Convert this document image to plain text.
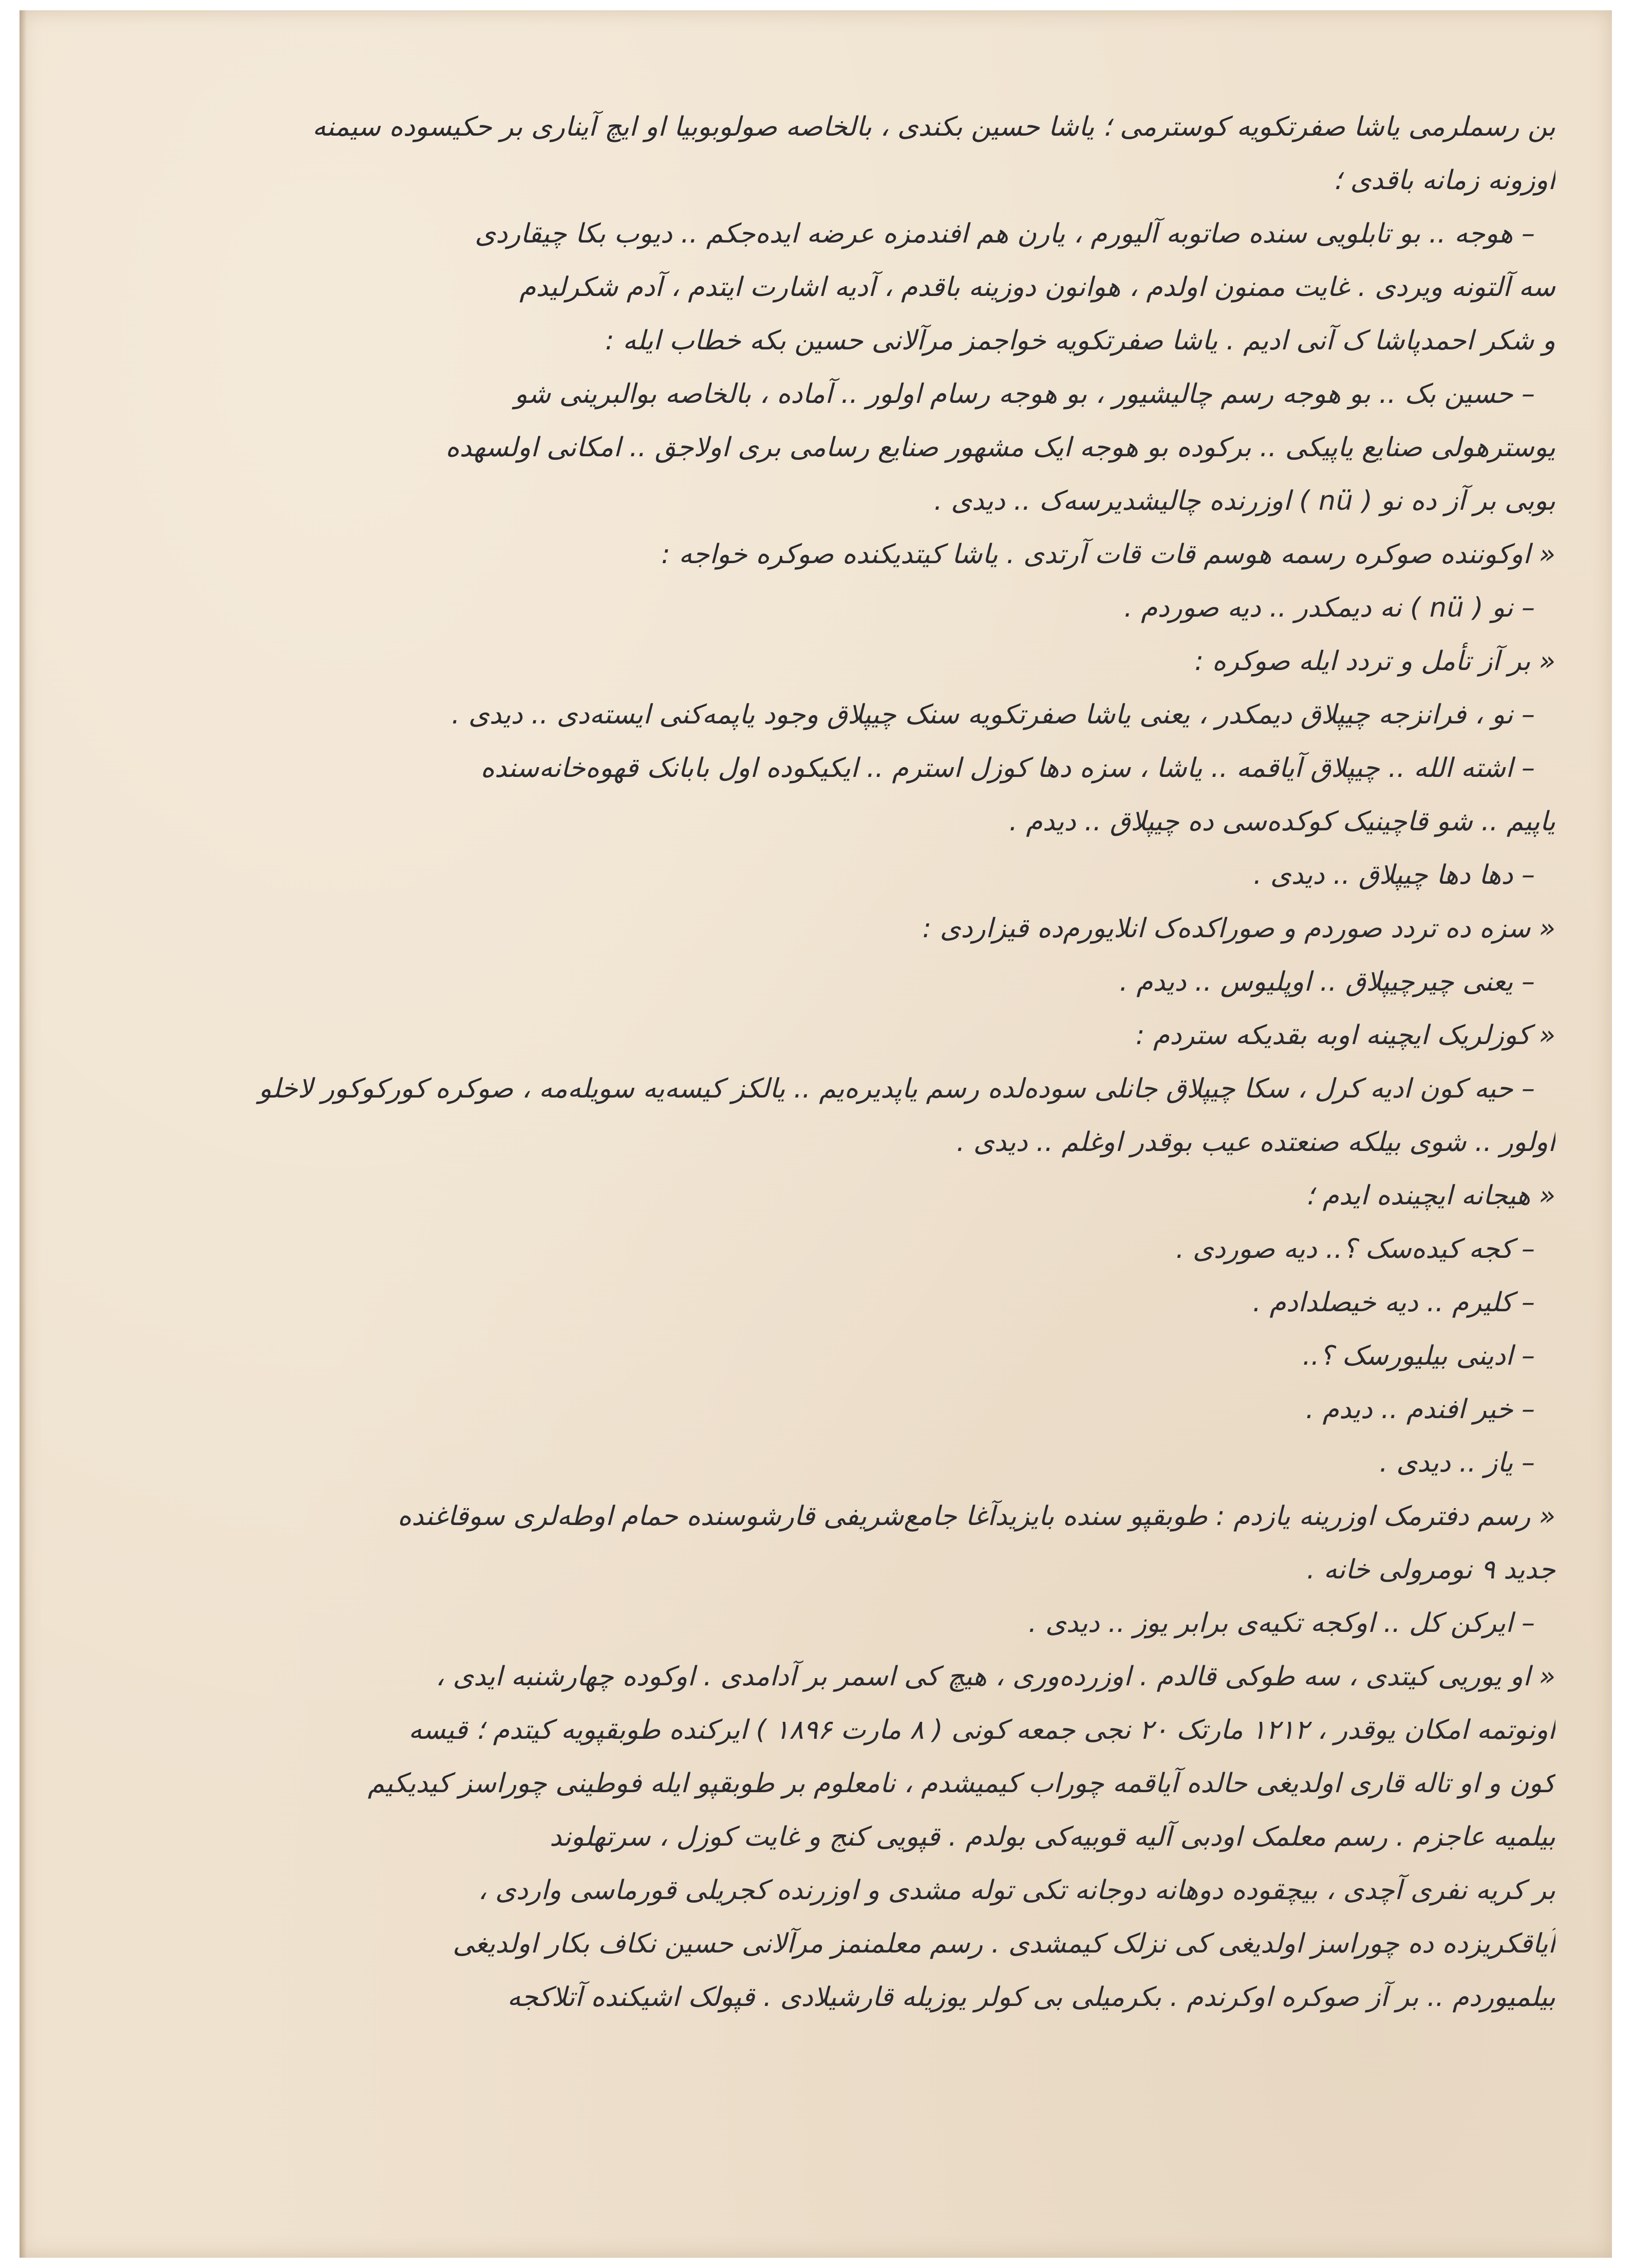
بن رسملرمی یاشا صفرتکویه کوسترمی ؛ یاشا حسین بکندی ، بالخاصه صولوبوبیا او ایچ آیناری بر حکیسوده سیمنه
اوزونه زمانه باقدی ؛
– هوجه .. بو تابلویی سنده صاتوبه آلیورم ، یارن هم افندمزه عرضه ایده‌جکم .. دیوب بکا چیقاردی
سه آلتونه ویردی . غایت ممنون اولدم ، هوانون دوزینه باقدم ، آدیه اشارت ایتدم ، آدم شکرلیدم
و شکر احمدپاشا ک آنی ادیم . یاشا صفرتکویه خواجمز مرآلانی حسین بکه خطاب ایله :
– حسین بک .. بو هوجه رسم چالیشیور ، بو هوجه رسام اولور .. آماده ، بالخاصه بوالبرینی شو
یوسترهولی صنایع یاپیکی .. برکوده بو هوجه ایک مشهور صنایع رسامی بری اولاجق .. امکانی اولسهده
بوبی بر آز ده نو ( nü ) اوزرنده چالیشدیرسه‌ک .. دیدی .
« اوکوننده صوکره رسمه هوسم قات قات آرتدی . یاشا کیتدیکنده صوکره خواجه :
– نو ( nü ) نه دیمکدر .. دیه صوردم .
« بر آز تأمل و تردد ایله صوکره :
– نو ، فرانزجه چیپلاق دیمکدر ، یعنی یاشا صفرتکویه سنک چیپلاق وجود یاپمه‌کنی ایسته‌دی .. دیدی .
– اشته الله .. چیپلاق آیاقمه .. یاشا ، سزه دها کوزل استرم .. ایکیکوده اول بابانک قهوه‌خانه‌سنده
یاپیم .. شو قاچینیک کوکده‌سی ده چیپلاق .. دیدم .
– دها دها چیپلاق .. دیدی .
« سزه ده تردد صوردم و صوراکده‌ک انلایورم‌ده قیزاردی :
– یعنی چیرچیپلاق .. اوپلیوس .. دیدم .
« کوزلریک ایچینه اوبه بقدیکه ستردم :
– حیه کون ادیه کرل ، سکا چیپلاق جانلی سوده‌لده رسم یاپدیره‌یم .. یالکز کیسه‌یه سویله‌مه ، صوکره کورکوکور لاخلو
اولور .. شوی بیلکه صنعتده عیب بوقدر اوغلم .. دیدی .
« هیجانه ایچینده ایدم ؛
– کجه کیده‌سک ؟.. دیه صوردی .
– کلیرم .. دیه خیصلدادم .
– ادینی بیلیورسک ؟..
– خیر افندم .. دیدم .
– یاز .. دیدی .
« رسم دفترمک اوزرینه یازدم : طوبقپو سنده بایزیدآغا جامع‌شریفی قارشوسنده حمام اوطه‌لری سوقاغنده
جدید ۹ نومرولی خانه .
– ایرکن کل .. اوکجه تکیه‌ی برابر یوز .. دیدی .
« او یوریی کیتدی ، سه طوکی قالدم . اوزرده‌وری ، هیچ کی اسمر بر آدامدی . اوکوده چهارشنبه ایدی ،
اونوتمه امکان یوقدر ، ۱۲۱۲ مارتک ۲۰ نجی جمعه کونی ( ۸ مارت ۱۸۹۶ ) ایرکنده طوبقپویه کیتدم ؛ قیسه
کون و او تاله قاری اولدیغی حالده آیاقمه چوراب کیمیشدم ، نامعلوم بر طوبقپو ایله فوطینی چوراسز کیدیکیم
بیلمیه عاجزم . رسم معلمک اودبی آلیه قوبیه‌کی بولدم . قپویی کنج و غایت کوزل ، سرتهلوند
بر کریه نفری آچدی ، بیچقوده دوهانه دوجانه تکی توله مشدی و اوزرنده کجریلی قورماسی واردی ،
آیاقکریزده ده چوراسز اولدیغی کی نزلک کیمشدی . رسم معلمنمز مرآلانی حسین نکاف بکار اولدیغی
بیلمیوردم .. بر آز صوکره اوکرندم . بکرمیلی بی کولر یوزیله قارشیلادی . قپولک اشیکنده آتلاکجه
